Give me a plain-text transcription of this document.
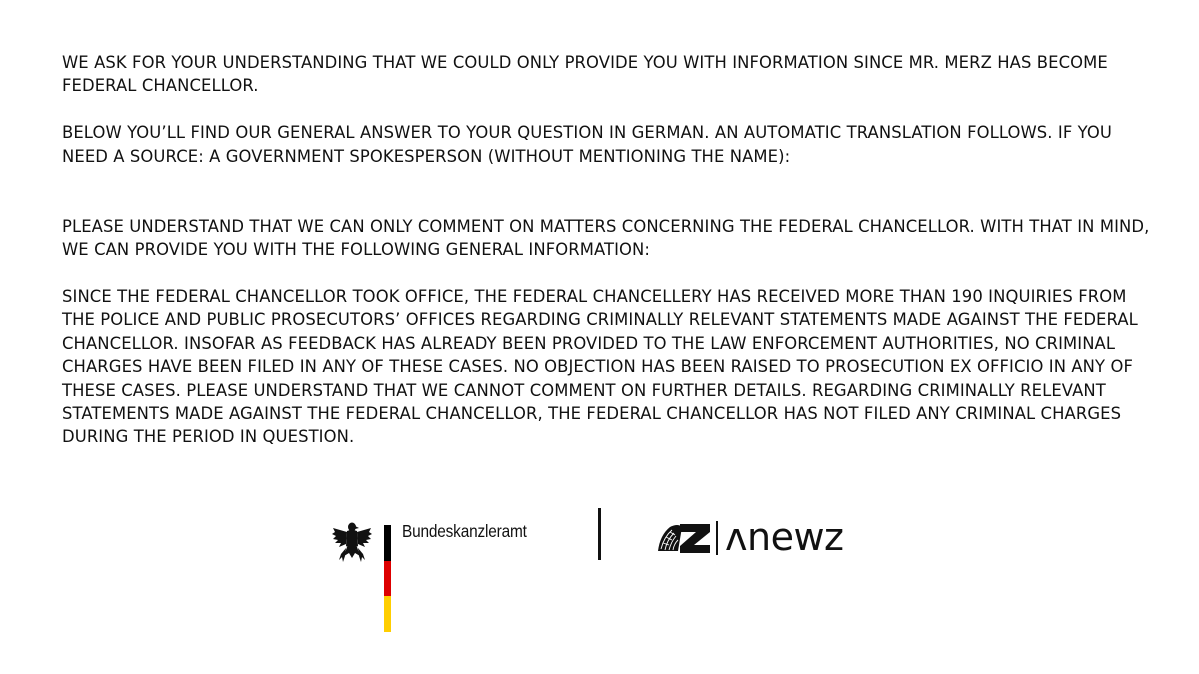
WE ASK FOR YOUR UNDERSTANDING THAT WE COULD ONLY PROVIDE YOU WITH INFORMATION SINCE MR. MERZ HAS BECOME FEDERAL CHANCELLOR.

BELOW YOU’LL FIND OUR GENERAL ANSWER TO YOUR QUESTION IN GERMAN. AN AUTOMATIC TRANSLATION FOLLOWS. IF YOU NEED A SOURCE: A GOVERNMENT SPOKESPERSON (WITHOUT MENTIONING THE NAME):

PLEASE UNDERSTAND THAT WE CAN ONLY COMMENT ON MATTERS CONCERNING THE FEDERAL CHANCELLOR. WITH THAT IN MIND, WE CAN PROVIDE YOU WITH THE FOLLOWING GENERAL INFORMATION:

SINCE THE FEDERAL CHANCELLOR TOOK OFFICE, THE FEDERAL CHANCELLERY HAS RECEIVED MORE THAN 190 INQUIRIES FROM THE POLICE AND PUBLIC PROSECUTORS’ OFFICES REGARDING CRIMINALLY RELEVANT STATEMENTS MADE AGAINST THE FEDERAL CHANCELLOR. INSOFAR AS FEEDBACK HAS ALREADY BEEN PROVIDED TO THE LAW ENFORCEMENT AUTHORITIES, NO CRIMINAL CHARGES HAVE BEEN FILED IN ANY OF THESE CASES. NO OBJECTION HAS BEEN RAISED TO PROSECUTION EX OFFICIO IN ANY OF THESE CASES. PLEASE UNDERSTAND THAT WE CANNOT COMMENT ON FURTHER DETAILS. REGARDING CRIMINALLY RELEVANT STATEMENTS MADE AGAINST THE FEDERAL CHANCELLOR, THE FEDERAL CHANCELLOR HAS NOT FILED ANY CRIMINAL CHARGES DURING THE PERIOD IN QUESTION.

Bundeskanzleramt	ᴧnewz
